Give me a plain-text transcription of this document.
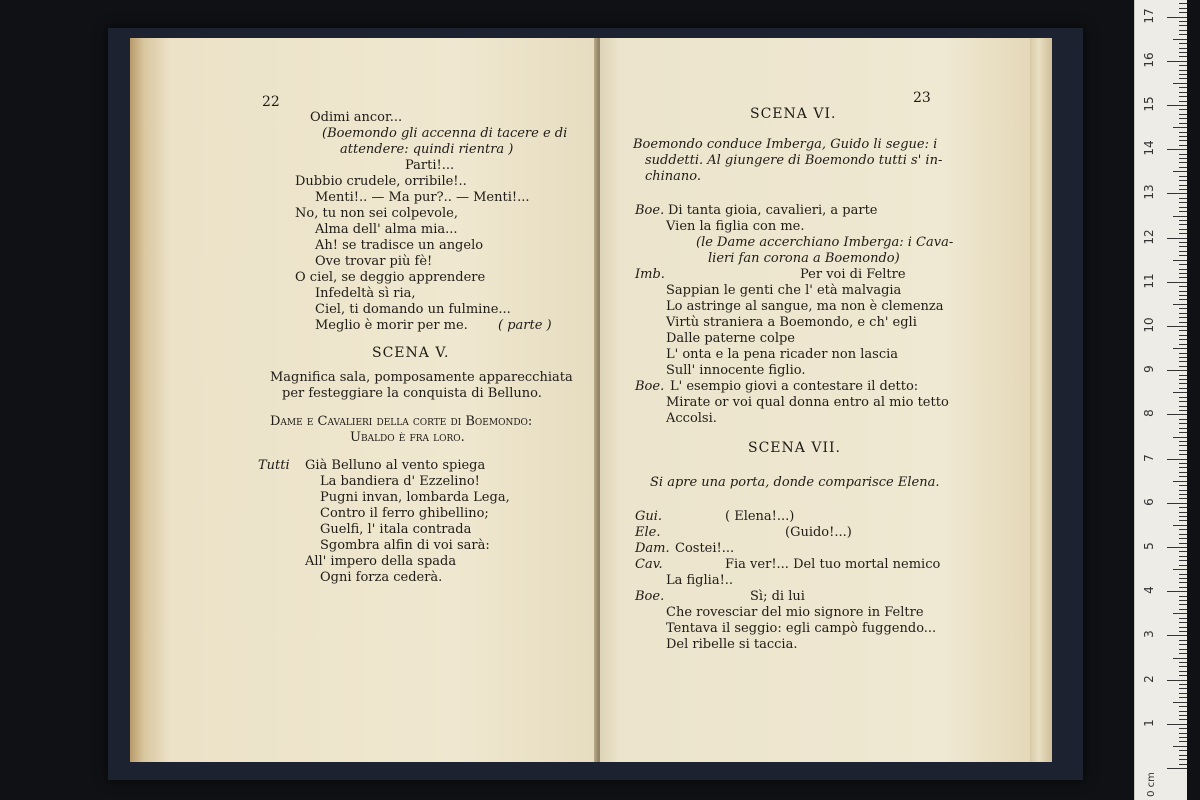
22
Odimi ancor...
(Boemondo gli accenna di tacere e di
attendere: quindi rientra )
Parti!...
Dubbio crudele, orribile!..
Menti!.. — Ma pur?.. — Menti!...
No, tu non sei colpevole,
Alma dell' alma mia...
Ah! se tradisce un angelo
Ove trovar più fè!
O ciel, se deggio apprendere
Infedeltà sì ria,
Ciel, ti domando un fulmine...
Meglio è morir per me. ( parte )
SCENA V.
Magnifica sala, pomposamente apparecchiata
per festeggiare la conquista di Belluno.
Dame e Cavalieri della corte di Boemondo:
Ubaldo è fra loro.
Tutti Già Belluno al vento spiega
La bandiera d' Ezzelino!
Pugni invan, lombarda Lega,
Contro il ferro ghibellino;
Guelfi, l' itala contrada
Sgombra alfin di voi sarà:
All' impero della spada
Ogni forza cederà.
23
SCENA VI.
Boemondo conduce Imberga, Guido li segue: i
suddetti. Al giungere di Boemondo tutti s' in-
chinano.
Boe. Di tanta gioia, cavalieri, a parte
Vien la figlia con me.
(le Dame accerchiano Imberga: i Cava-
lieri fan corona a Boemondo)
Imb.	Per voi di Feltre
Sappian le genti che l' età malvagia
Lo astringe al sangue, ma non è clemenza
Virtù straniera a Boemondo, e ch' egli
Dalle paterne colpe
L' onta e la pena ricader non lascia
Sull' innocente figlio.
Boe. L' esempio giovi a contestare il detto:
Mirate or voi qual donna entro al mio tetto
Accolsi.
SCENA VII.
Si apre una porta, donde comparisce Elena.
Gui.	( Elena!...)
Ele.	(Guido!...)
Dam. Costei!...
Cav.	Fia ver!... Del tuo mortal nemico
La figlia!..
Boe.	Sì; di lui
Che rovesciar del mio signore in Feltre
Tentava il seggio: egli campò fuggendo...
Del ribelle si taccia.
0 cm
1
2
3
4
5
6
7
8
9
10
11
12
13
14
15
16
17
